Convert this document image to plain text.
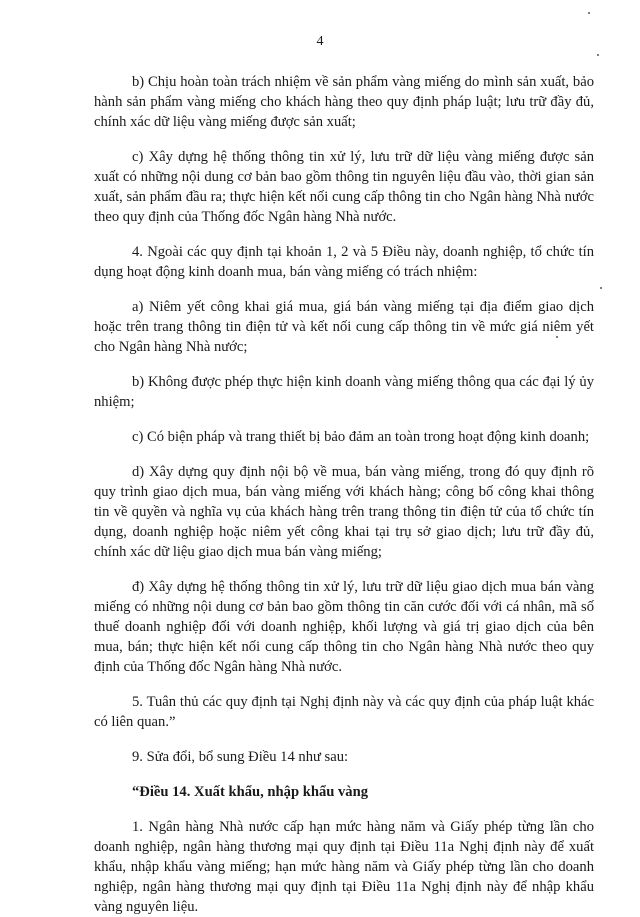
4

b) Chịu hoàn toàn trách nhiệm về sản phẩm vàng miếng do mình sản xuất, bảo hành sản phẩm vàng miếng cho khách hàng theo quy định pháp luật; lưu trữ đầy đủ, chính xác dữ liệu vàng miếng được sản xuất;

c) Xây dựng hệ thống thông tin xử lý, lưu trữ dữ liệu vàng miếng được sản xuất có những nội dung cơ bản bao gồm thông tin nguyên liệu đầu vào, thời gian sản xuất, sản phẩm đầu ra; thực hiện kết nối cung cấp thông tin cho Ngân hàng Nhà nước theo quy định của Thống đốc Ngân hàng Nhà nước.

4. Ngoài các quy định tại khoản 1, 2 và 5 Điều này, doanh nghiệp, tổ chức tín dụng hoạt động kinh doanh mua, bán vàng miếng có trách nhiệm:

a) Niêm yết công khai giá mua, giá bán vàng miếng tại địa điểm giao dịch hoặc trên trang thông tin điện tử và kết nối cung cấp thông tin về mức giá niêm yết cho Ngân hàng Nhà nước;

b) Không được phép thực hiện kinh doanh vàng miếng thông qua các đại lý ủy nhiệm;

c) Có biện pháp và trang thiết bị bảo đảm an toàn trong hoạt động kinh doanh;

d) Xây dựng quy định nội bộ về mua, bán vàng miếng, trong đó quy định rõ quy trình giao dịch mua, bán vàng miếng với khách hàng; công bố công khai thông tin về quyền và nghĩa vụ của khách hàng trên trang thông tin điện tử của tổ chức tín dụng, doanh nghiệp hoặc niêm yết công khai tại trụ sở giao dịch; lưu trữ đầy đủ, chính xác dữ liệu giao dịch mua bán vàng miếng;

đ) Xây dựng hệ thống thông tin xử lý, lưu trữ dữ liệu giao dịch mua bán vàng miếng có những nội dung cơ bản bao gồm thông tin căn cước đối với cá nhân, mã số thuế doanh nghiệp đối với doanh nghiệp, khối lượng và giá trị giao dịch của bên mua, bán; thực hiện kết nối cung cấp thông tin cho Ngân hàng Nhà nước theo quy định của Thống đốc Ngân hàng Nhà nước.

5. Tuân thủ các quy định tại Nghị định này và các quy định của pháp luật khác có liên quan.”

9. Sửa đổi, bổ sung Điều 14 như sau:

“Điều 14. Xuất khẩu, nhập khẩu vàng

1. Ngân hàng Nhà nước cấp hạn mức hàng năm và Giấy phép từng lần cho doanh nghiệp, ngân hàng thương mại quy định tại Điều 11a Nghị định này để xuất khẩu, nhập khẩu vàng miếng; hạn mức hàng năm và Giấy phép từng lần cho doanh nghiệp, ngân hàng thương mại quy định tại Điều 11a Nghị định này để nhập khẩu vàng nguyên liệu.
